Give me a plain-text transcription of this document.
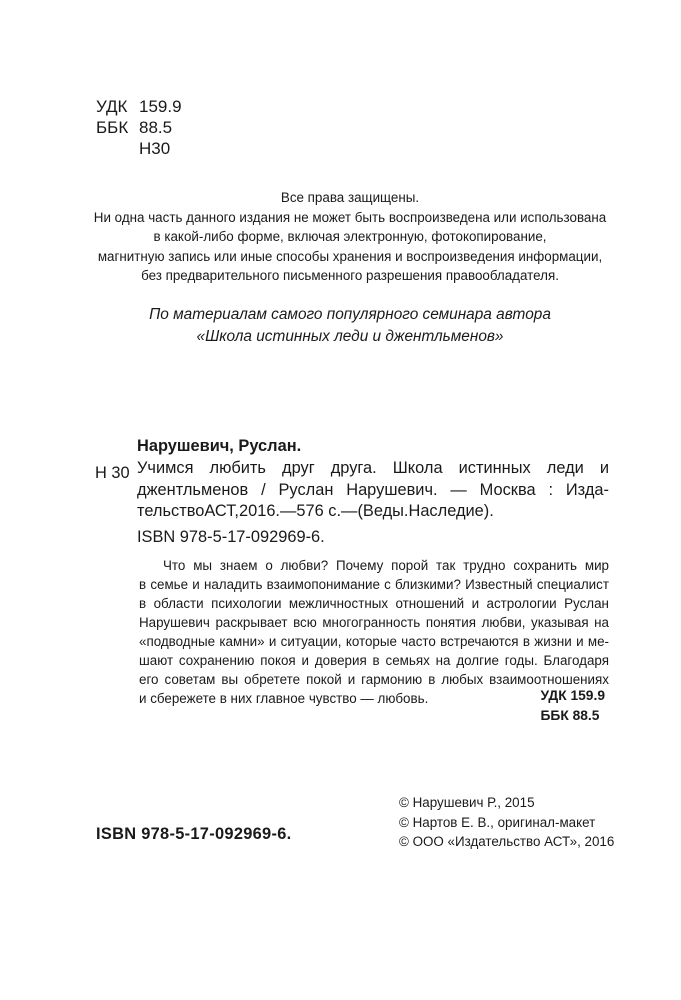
УДК 159.9
ББК 88.5
Н30
Все права защищены.
Ни одна часть данного издания не может быть воспроизведена или использована
в какой-либо форме, включая электронную, фотокопирование,
магнитную запись или иные способы хранения и воспроизведения информации,
без предварительного письменного разрешения правообладателя.
По материалам самого популярного семинара автора
«Школа истинных леди и джентльменов»
Нарушевич, Руслан.
Н 30 Учимся любить друг друга. Школа истинных леди и
джентльменов / Руслан Нарушевич. — Москва : Изда-
тельство АСТ, 2016. — 576 с. — (Веды. Наследие).
ISBN 978-5-17-092969-6.
Что мы знаем о любви? Почему порой так трудно сохранить мир
в семье и наладить взаимопонимание с близкими? Известный специалист
в области психологии межличностных отношений и астрологии Руслан
Нарушевич раскрывает всю многогранность понятия любви, указывая на
«подводные камни» и ситуации, которые часто встречаются в жизни и ме-
шают сохранению покоя и доверия в семьях на долгие годы. Благодаря
его советам вы обретете покой и гармонию в любых взаимоотношениях
и сбережете в них главное чувство — любовь.	УДК 159.9
ББК 88.5
© Нарушевич Р., 2015
© Нартов Е. В., оригинал-макет
© ООО «Издательство АСТ», 2016
ISBN 978-5-17-092969-6.
